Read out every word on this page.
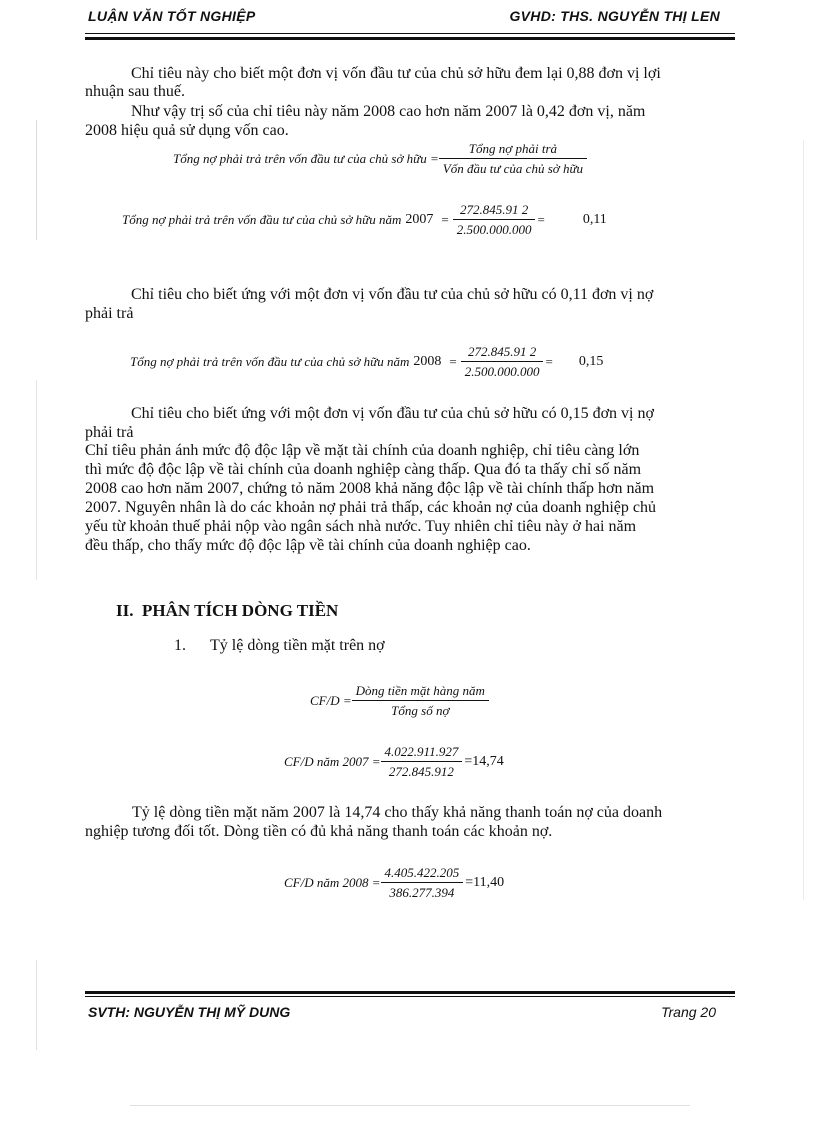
LUẬN VĂN TỐT NGHIỆP	GVHD: THS. NGUYỄN THỊ LEN
Chỉ tiêu này cho biết một đơn vị vốn đầu tư của chủ sở hữu đem lại 0,88 đơn vị lợi
nhuận sau thuế.
Như vậy trị số của chỉ tiêu này năm 2008 cao hơn năm 2007 là 0,42 đơn vị, năm
2008 hiệu quả sử dụng vốn cao.
Tổng nợ phải trả trên vốn đầu tư của chủ sở hữu = $\frac{\text{Tổng nợ phải trả}}{\text{Vốn đầu tư của chủ sở hữu}}$
Tổng nợ phải trả trên vốn đầu tư của chủ sở hữu năm $2007 = \frac{272.845.91 2}{2.500.000.000}$ =	0,11
Chỉ tiêu cho biết ứng với một đơn vị vốn đầu tư của chủ sở hữu có 0,11 đơn vị nợ
phải trả
Tổng nợ phải trả trên vốn đầu tư của chủ sở hữu năm $2008 = \frac{272.845.91 2}{2.500.000.000} = 0,15$
Chỉ tiêu cho biết ứng với một đơn vị vốn đầu tư của chủ sở hữu có 0,15 đơn vị nợ
phải trả
Chỉ tiêu phản ánh mức độ độc lập về mặt tài chính của doanh nghiệp, chỉ tiêu càng lớn
thì mức độ độc lập về tài chính của doanh nghiệp càng thấp. Qua đó ta thấy chỉ số năm
2008 cao hơn năm 2007, chứng tỏ năm 2008 khả năng độc lập về tài chính thấp hơn năm
2007. Nguyên nhân là do các khoản nợ phải trả thấp, các khoản nợ của doanh nghiệp chủ
yếu từ khoản thuế phải nộp vào ngân sách nhà nước. Tuy nhiên chỉ tiêu này ở hai năm
đều thấp, cho thấy mức độ độc lập về tài chính của doanh nghiệp cao.
II. PHÂN TÍCH DÒNG TIỀN
1. Tỷ lệ dòng tiền mặt trên nợ
$CF/D = \frac{\text{Dòng tiền mặt hàng năm}}{\text{Tổng số nợ}}$
CF/D năm $2007 = \frac{4.022.911.927}{272.845.912} =14,74$
Tỷ lệ dòng tiền mặt năm 2007 là 14,74 cho thấy khả năng thanh toán nợ của doanh
nghiệp tương đối tốt. Dòng tiền có đủ khả năng thanh toán các khoản nợ.
CF/D năm $2008 = \frac{4.405.422.205}{386.277.394} =11,40$
SVTH: NGUYỄN THỊ MỸ DUNG	Trang 20
